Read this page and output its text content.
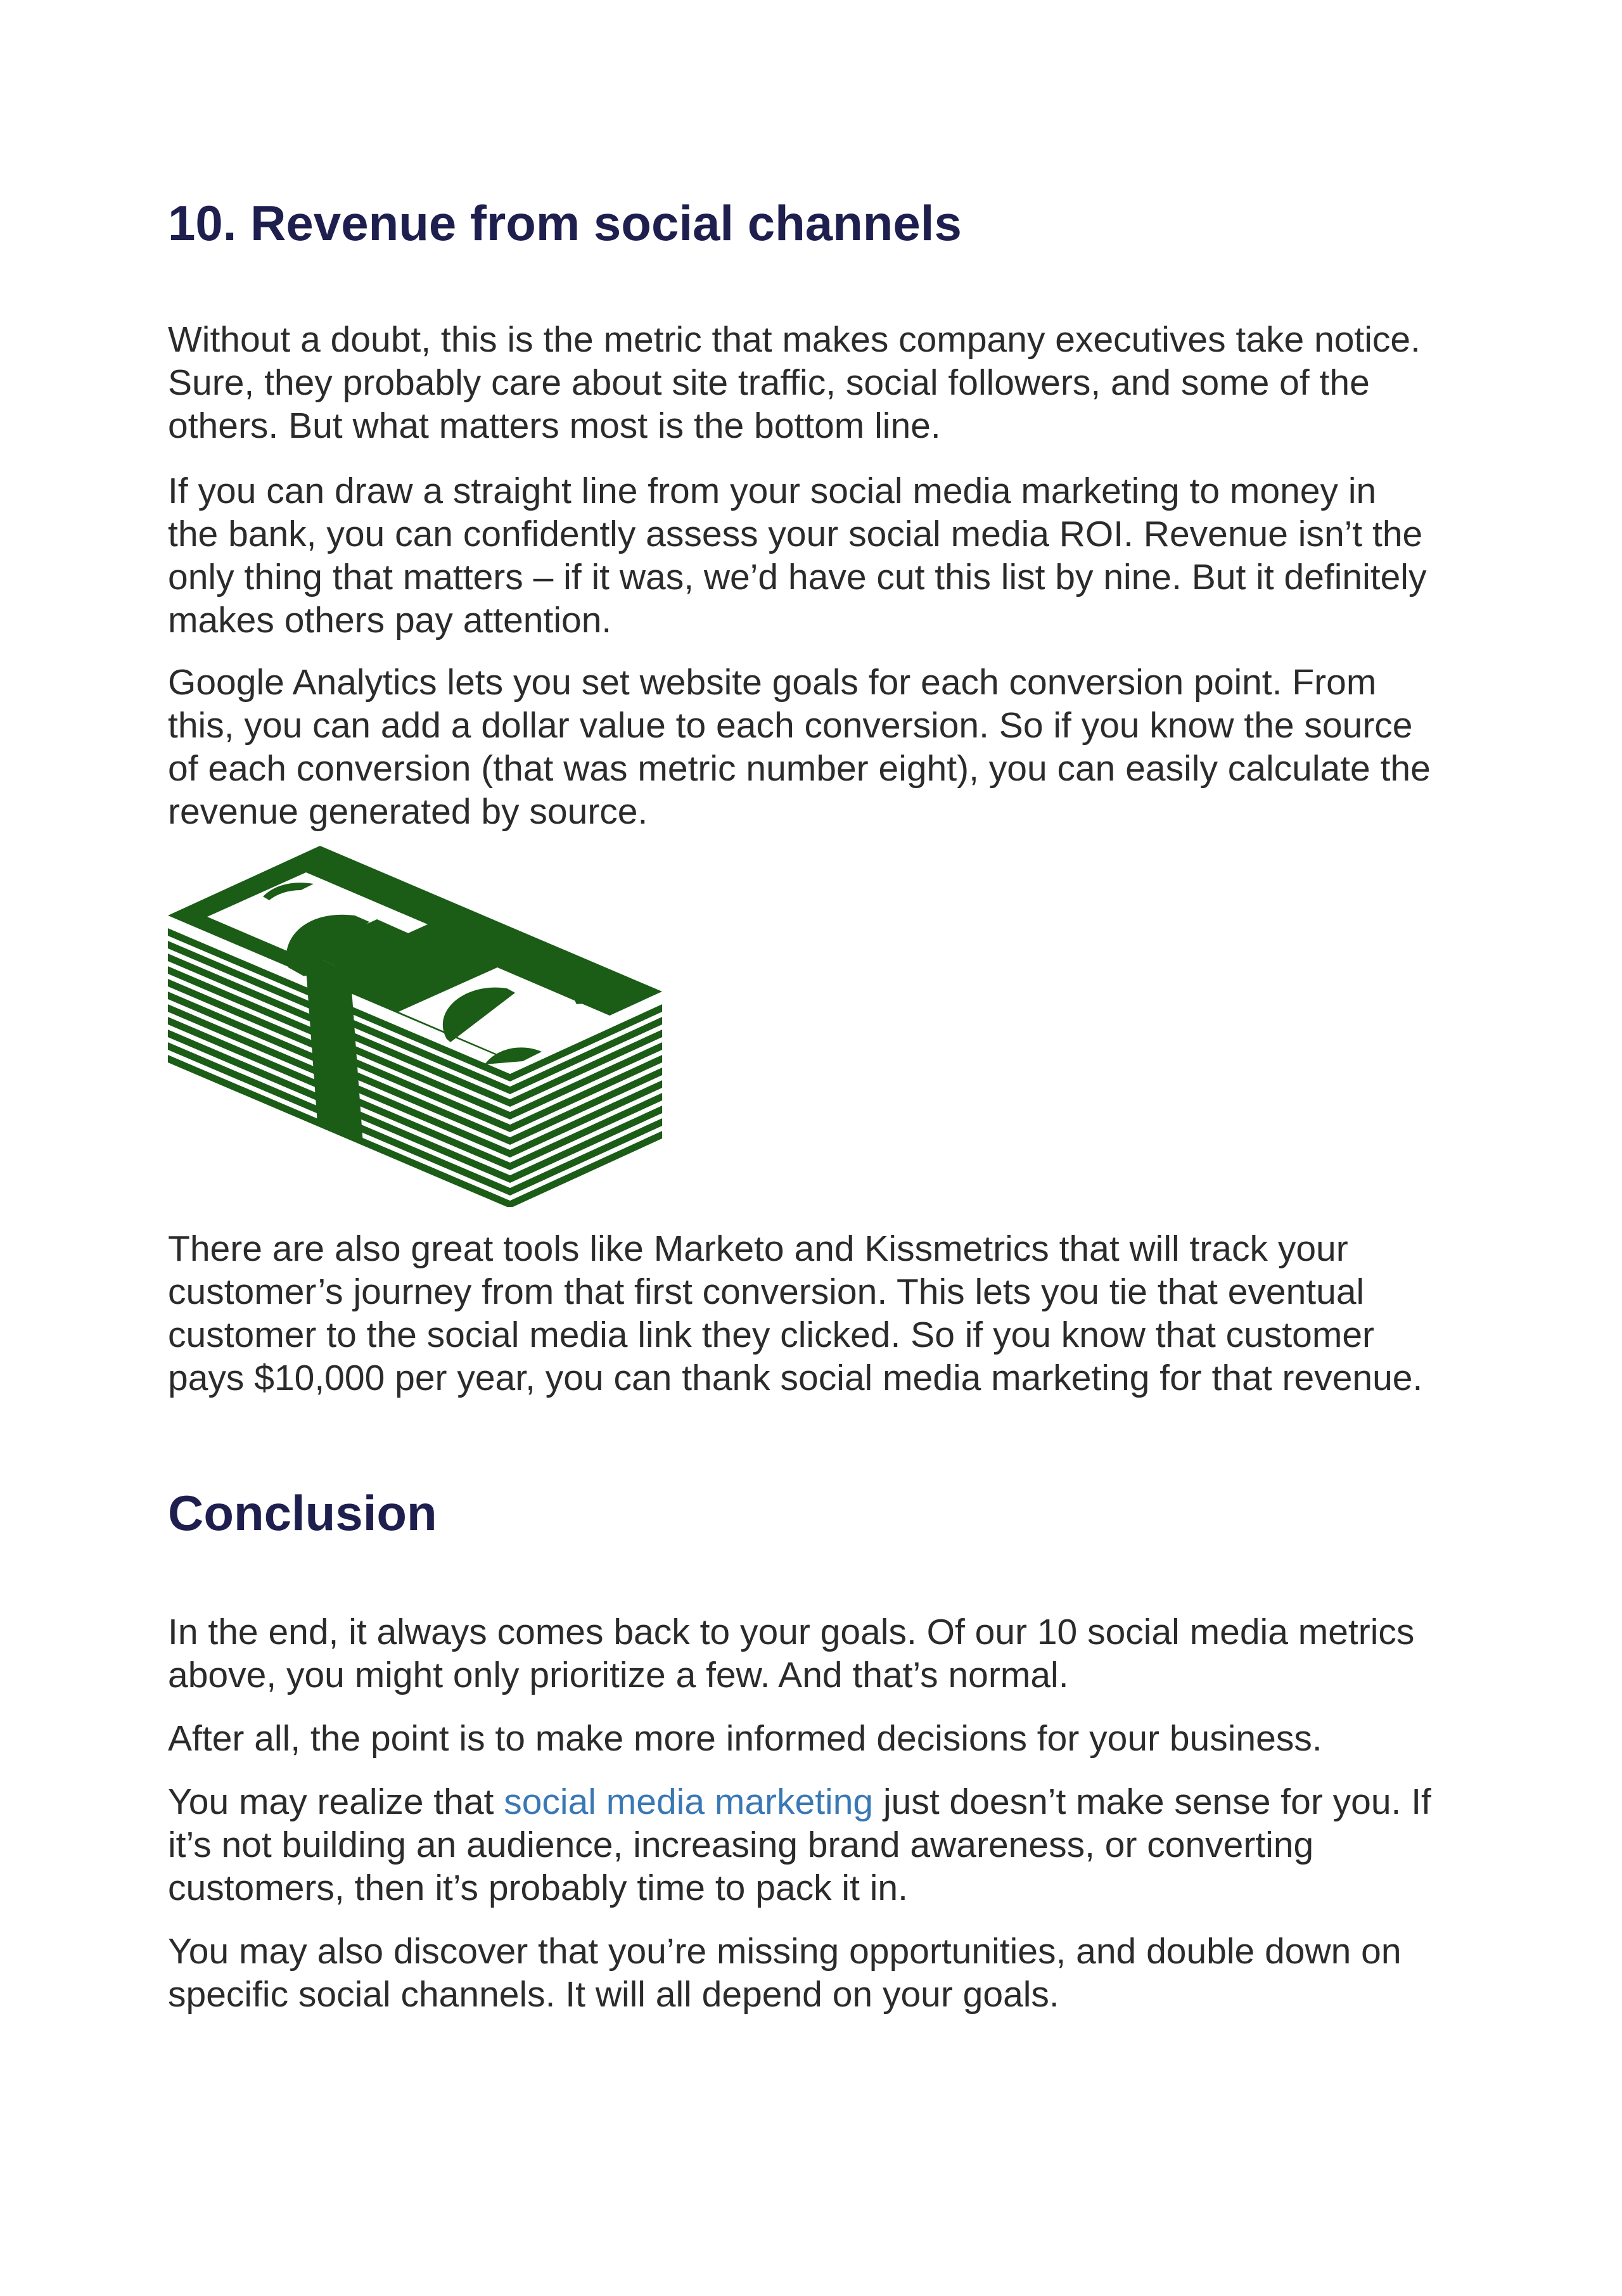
10. Revenue from social channels

Without a doubt, this is the metric that makes company executives take notice.
Sure, they probably care about site traffic, social followers, and some of the
others. But what matters most is the bottom line.

If you can draw a straight line from your social media marketing to money in
the bank, you can confidently assess your social media ROI. Revenue isn’t the
only thing that matters – if it was, we’d have cut this list by nine. But it definitely
makes others pay attention.

Google Analytics lets you set website goals for each conversion point. From
this, you can add a dollar value to each conversion. So if you know the source
of each conversion (that was metric number eight), you can easily calculate the
revenue generated by source.

There are also great tools like Marketo and Kissmetrics that will track your
customer’s journey from that first conversion. This lets you tie that eventual
customer to the social media link they clicked. So if you know that customer
pays $10,000 per year, you can thank social media marketing for that revenue.

Conclusion

In the end, it always comes back to your goals. Of our 10 social media metrics
above, you might only prioritize a few. And that’s normal.

After all, the point is to make more informed decisions for your business.

You may realize that social media marketing just doesn’t make sense for you. If
it’s not building an audience, increasing brand awareness, or converting
customers, then it’s probably time to pack it in.

You may also discover that you’re missing opportunities, and double down on
specific social channels. It will all depend on your goals.
